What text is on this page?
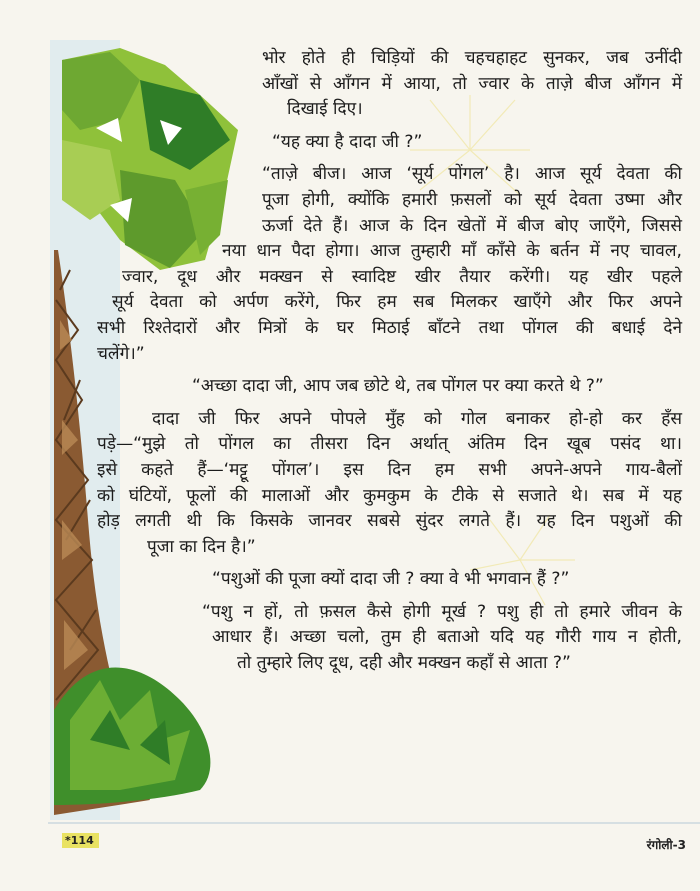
भोर होते ही चिड़ियों की चहचहाहट सुनकर, जब उनींदी
आँखों से आँगन में आया, तो ज्वार के ताज़े बीज आँगन में
दिखाई दिए।
“यह क्या है दादा जी ?”
“ताज़े बीज। आज ‘सूर्य पोंगल’ है। आज सूर्य देवता की
पूजा होगी, क्योंकि हमारी फ़सलों को सूर्य देवता उष्मा और
ऊर्जा देते हैं। आज के दिन खेतों में बीज बोए जाएँगे, जिससे
नया धान पैदा होगा। आज तुम्हारी माँ काँसे के बर्तन में नए चावल,
ज्वार, दूध और मक्खन से स्वादिष्ट खीर तैयार करेंगी। यह खीर पहले
सूर्य देवता को अर्पण करेंगे, फिर हम सब मिलकर खाएँगे और फिर अपने
सभी रिश्तेदारों और मित्रों के घर मिठाई बाँटने तथा पोंगल की बधाई देने
चलेंगे।”
“अच्छा दादा जी, आप जब छोटे थे, तब पोंगल पर क्या करते थे ?”
दादा जी फिर अपने पोपले मुँह को गोल बनाकर हो-हो कर हँस
पड़े—“मुझे तो पोंगल का तीसरा दिन अर्थात् अंतिम दिन खूब पसंद था।
इसे कहते हैं—‘मट्टू पोंगल’। इस दिन हम सभी अपने-अपने गाय-बैलों
को घंटियों, फूलों की मालाओं और कुमकुम के टीके से सजाते थे। सब में यह
होड़ लगती थी कि किसके जानवर सबसे सुंदर लगते हैं। यह दिन पशुओं की
पूजा का दिन है।”
“पशुओं की पूजा क्यों दादा जी ? क्या वे भी भगवान हैं ?”
“पशु न हों, तो फ़सल कैसे होगी मूर्ख ? पशु ही तो हमारे जीवन के
आधार हैं। अच्छा चलो, तुम ही बताओ यदि यह गौरी गाय न होती,
तो तुम्हारे लिए दूध, दही और मक्खन कहाँ से आता ?”
*114	रंगोली-3
